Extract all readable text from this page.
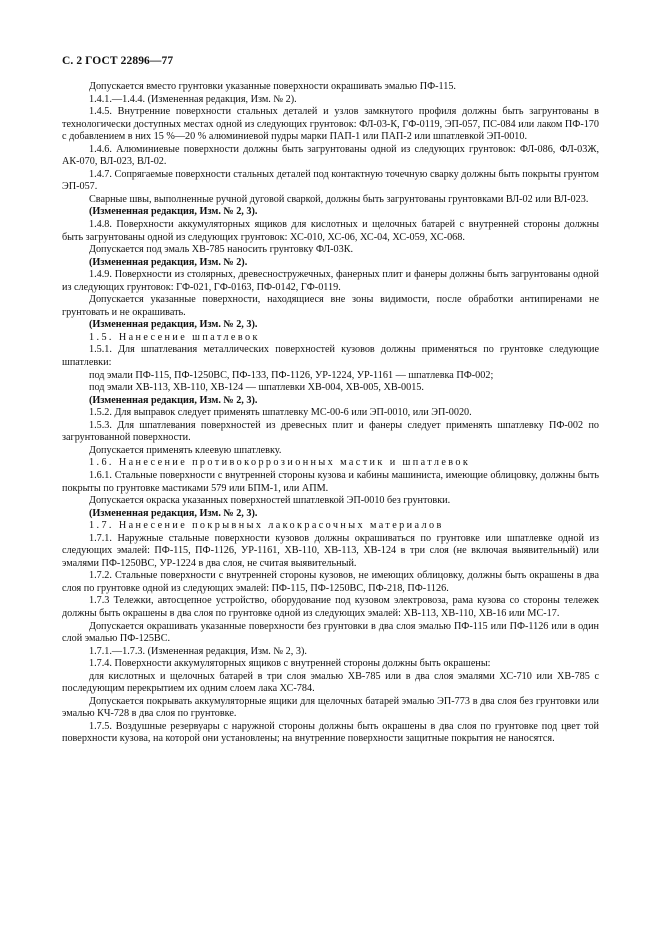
С. 2 ГОСТ 22896—77

Допускается вместо грунтовки указанные поверхности окрашивать эмалью ПФ-115.

1.4.1.—1.4.4. (Измененная редакция, Изм. № 2).

1.4.5. Внутренние поверхности стальных деталей и узлов замкнутого профиля должны быть загрунтованы в технологически доступных местах одной из следующих грунтовок: ФЛ-03-К, ГФ-0119, ЭП-057, ПС-084 или лаком ПФ-170 с добавлением в них 15 %—20 % алюминиевой пудры марки ПАП-1 или ПАП-2 или шпатлевкой ЭП-0010.

1.4.6. Алюминиевые поверхности должны быть загрунтованы одной из следующих грунтовок: ФЛ-086, ФЛ-03Ж, АК-070, ВЛ-023, ВЛ-02.

1.4.7. Сопрягаемые поверхности стальных деталей под контактную точечную сварку должны быть покрыты грунтом ЭП-057.

Сварные швы, выполненные ручной дуговой сваркой, должны быть загрунтованы грунтовками ВЛ-02 или ВЛ-023.

(Измененная редакция, Изм. № 2, 3).

1.4.8. Поверхности аккумуляторных ящиков для кислотных и щелочных батарей с внутренней стороны должны быть загрунтованы одной из следующих грунтовок: ХС-010, ХС-06, ХС-04, ХС-059, ХС-068.

Допускается под эмаль ХВ-785 наносить грунтовку ФЛ-03К.

(Измененная редакция, Изм. № 2).

1.4.9. Поверхности из столярных, древесностружечных, фанерных плит и фанеры должны быть загрунтованы одной из следующих грунтовок: ГФ-021, ГФ-0163, ПФ-0142, ГФ-0119.

Допускается указанные поверхности, находящиеся вне зоны видимости, после обработки антипиренами не грунтовать и не окрашивать.

(Измененная редакция, Изм. № 2, 3).

1.5. Нанесение шпатлевок

1.5.1. Для шпатлевания металлических поверхностей кузовов должны применяться по грунтовке следующие шпатлевки:

под эмали ПФ-115, ПФ-1250ВС, ПФ-133, ПФ-1126, УР-1224, УР-1161 — шпатлевка ПФ-002;

под эмали ХВ-113, ХВ-110, ХВ-124 — шпатлевки ХВ-004, ХВ-005, ХВ-0015.

(Измененная редакция, Изм. № 2, 3).

1.5.2. Для выправок следует применять шпатлевку МС-00-6 или ЭП-0010, или ЭП-0020.

1.5.3. Для шпатлевания поверхностей из древесных плит и фанеры следует применять шпатлевку ПФ-002 по загрунтованной поверхности.

Допускается применять клеевую шпатлевку.

1.6. Нанесение противокоррозионных мастик и шпатлевок

1.6.1. Стальные поверхности с внутренней стороны кузова и кабины машиниста, имеющие облицовку, должны быть покрыты по грунтовке мастиками 579 или БПМ-1, или АПМ.

Допускается окраска указанных поверхностей шпатлевкой ЭП-0010 без грунтовки.

(Измененная редакция, Изм. № 2, 3).

1.7. Нанесение покрывных лакокрасочных материалов

1.7.1. Наружные стальные поверхности кузовов должны окрашиваться по грунтовке или шпатлевке одной из следующих эмалей: ПФ-115, ПФ-1126, УР-1161, ХВ-110, ХВ-113, ХВ-124 в три слоя (не включая выявительный) или эмалями ПФ-1250ВС, УР-1224 в два слоя, не считая выявительный.

1.7.2. Стальные поверхности с внутренней стороны кузовов, не имеющих облицовку, должны быть окрашены в два слоя по грунтовке одной из следующих эмалей: ПФ-115, ПФ-1250ВС, ПФ-218, ПФ-1126.

1.7.3 Тележки, автосцепное устройство, оборудование под кузовом электровоза, рама кузова со стороны тележек должны быть окрашены в два слоя по грунтовке одной из следующих эмалей: ХВ-113, ХВ-110, ХВ-16 или МС-17.

Допускается окрашивать указанные поверхности без грунтовки в два слоя эмалью ПФ-115 или ПФ-1126 или в один слой эмалью ПФ-125ВС.

1.7.1.—1.7.3. (Измененная редакция, Изм. № 2, 3).

1.7.4. Поверхности аккумуляторных ящиков с внутренней стороны должны быть окрашены:

для кислотных и щелочных батарей в три слоя эмалью ХВ-785 или в два слоя эмалями ХС-710 или ХВ-785 с последующим перекрытием их одним слоем лака ХС-784.

Допускается покрывать аккумуляторные ящики для щелочных батарей эмалью ЭП-773 в два слоя без грунтовки или эмалью КЧ-728 в два слоя по грунтовке.

1.7.5. Воздушные резервуары с наружной стороны должны быть окрашены в два слоя по грунтовке под цвет той поверхности кузова, на которой они установлены; на внутренние поверхности защитные покрытия не наносятся.
